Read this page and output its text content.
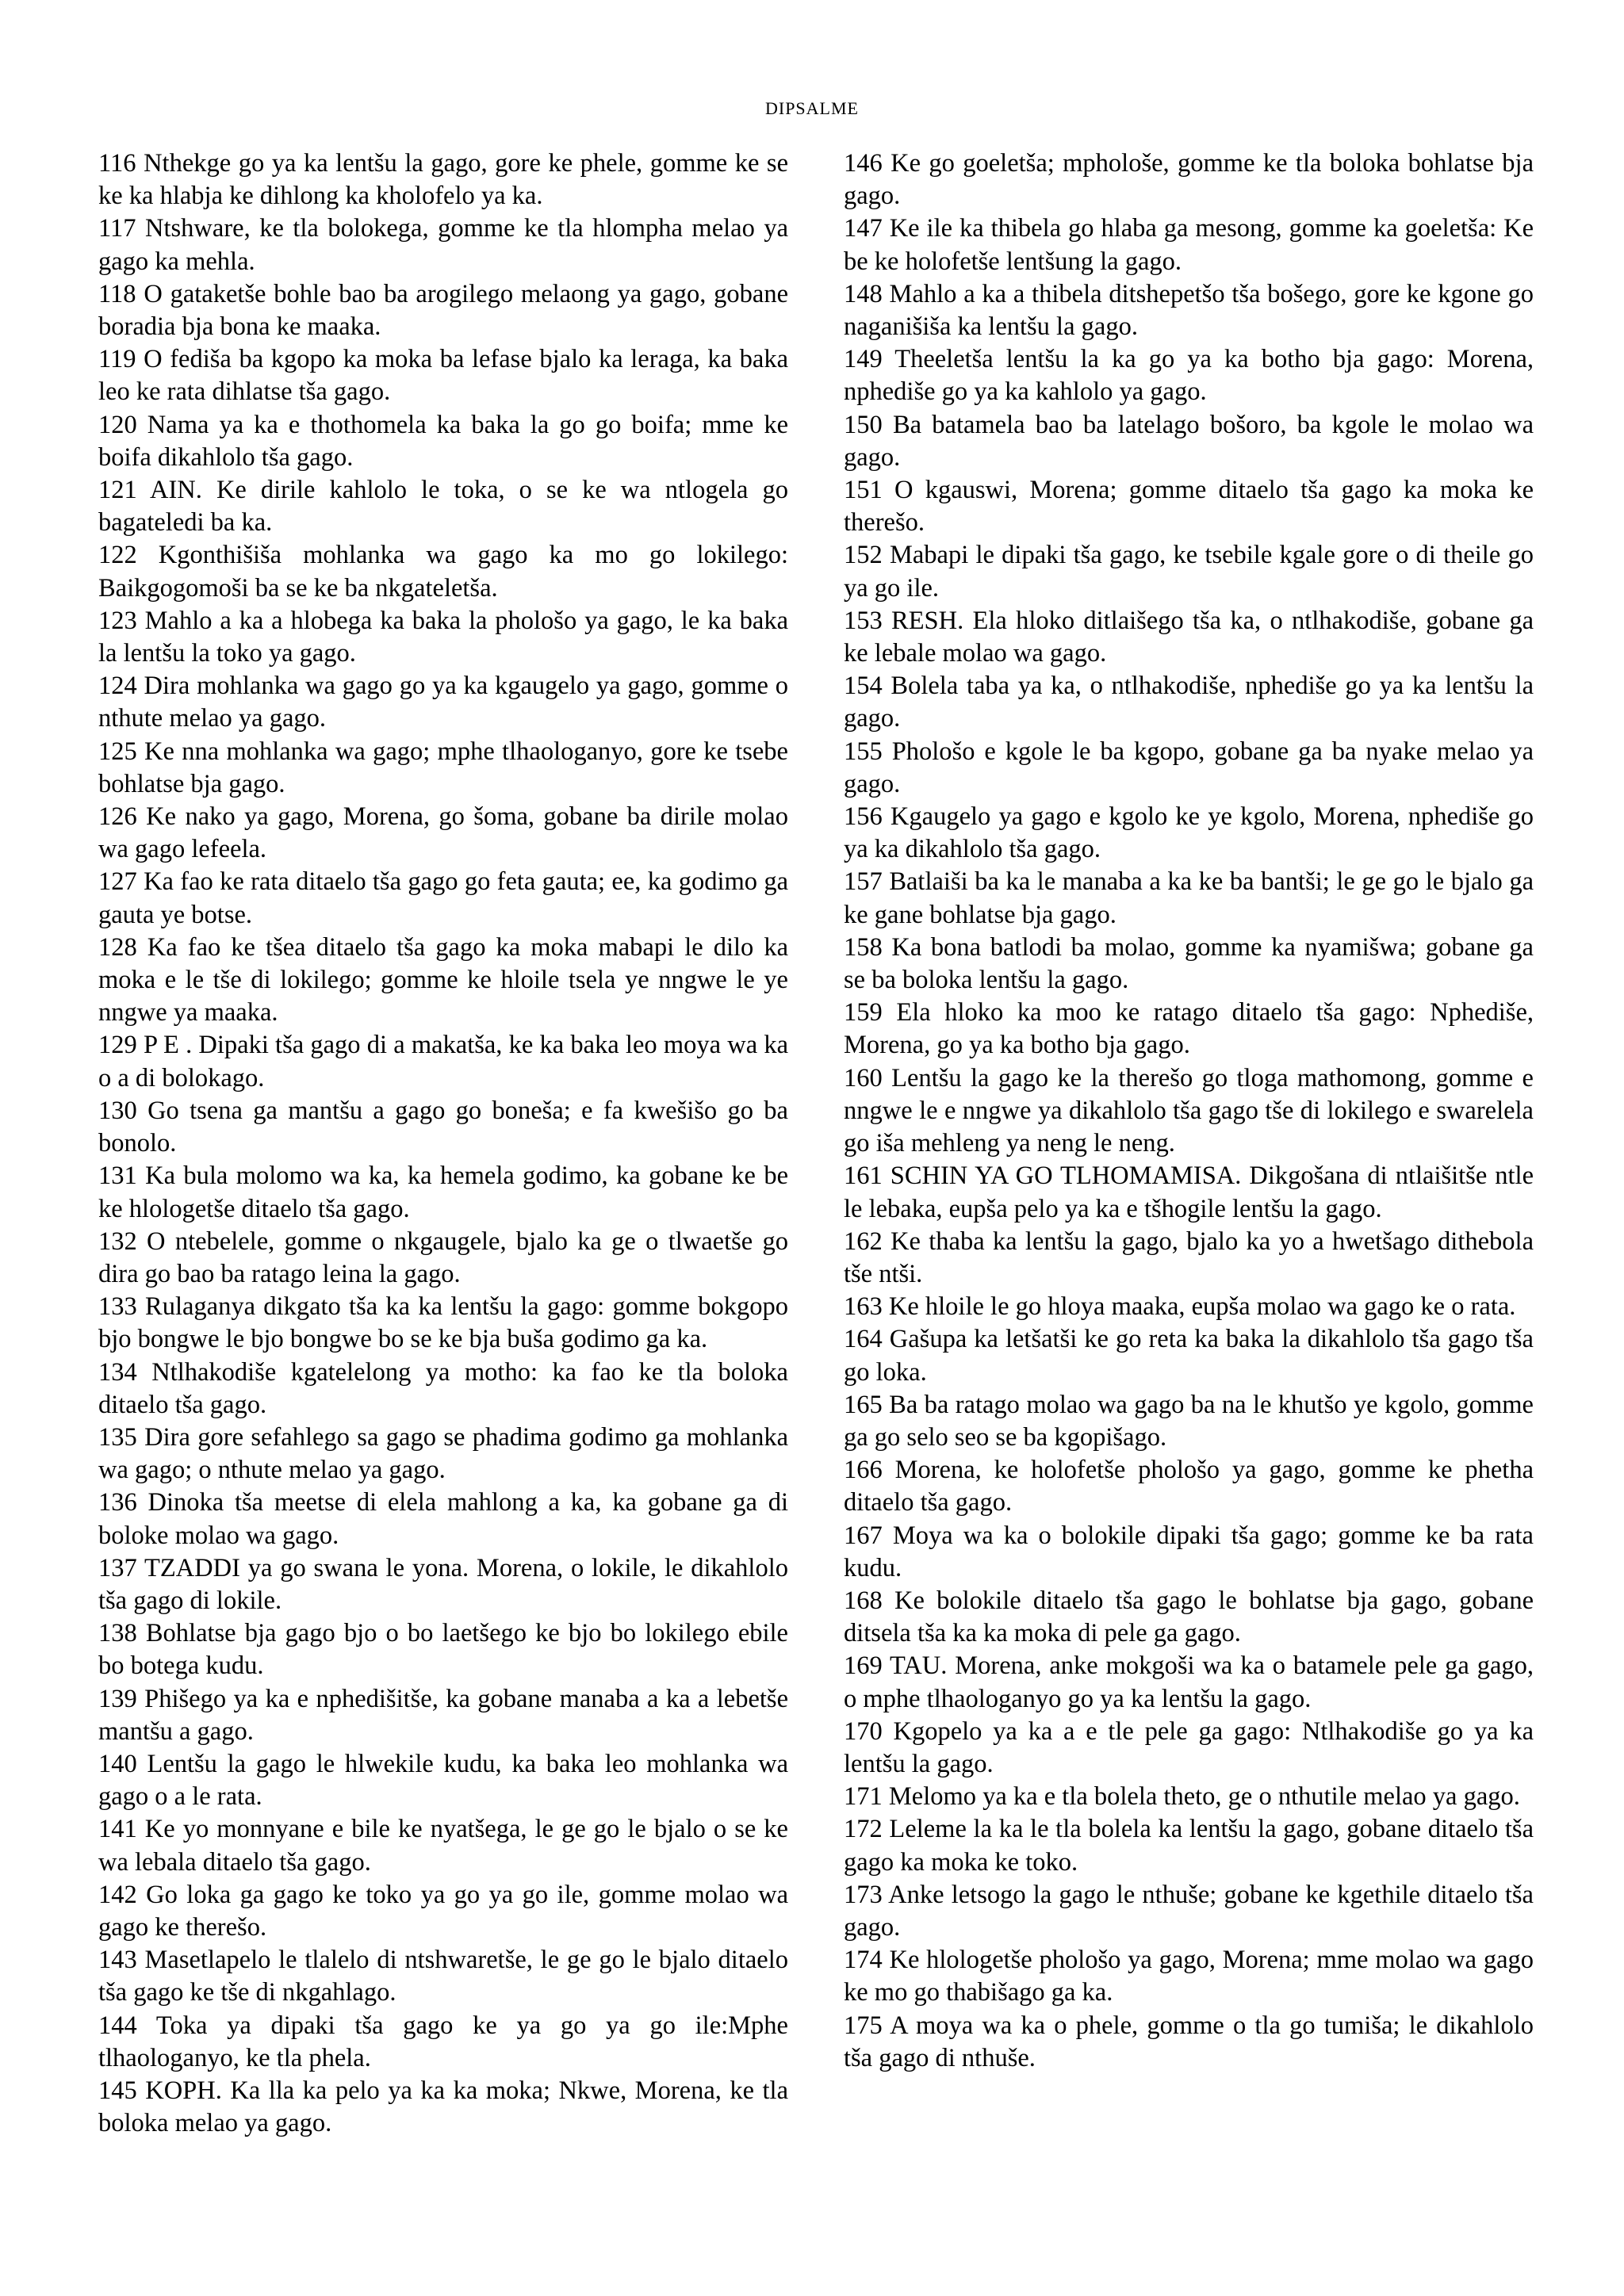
DIPSALME

116 Nthekge go ya ka lentšu la gago, gore ke phele, gomme ke se ke ka hlabja ke dihlong ka kholofelo ya ka.

117 Ntshware, ke tla bolokega, gomme ke tla hlompha melao ya gago ka mehla.

118 O gataketše bohle bao ba arogilego melaong ya gago, gobane boradia bja bona ke maaka.

119 O fediša ba kgopo ka moka ba lefase bjalo ka leraga, ka baka leo ke rata dihlatse tša gago.

120 Nama ya ka e thothomela ka baka la go go boifa; mme ke boifa dikahlolo tša gago.

121 AIN. Ke dirile kahlolo le toka, o se ke wa ntlogela go bagateledi ba ka.

122 Kgonthišiša mohlanka wa gago ka mo go lokilego: Baikgogomoši ba se ke ba nkgateletša.

123 Mahlo a ka a hlobega ka baka la phološo ya gago, le ka baka la lentšu la toko ya gago.

124 Dira mohlanka wa gago go ya ka kgaugelo ya gago, gomme o nthute melao ya gago.

125 Ke nna mohlanka wa gago; mphe tlhaologanyo, gore ke tsebe bohlatse bja gago.

126 Ke nako ya gago, Morena, go šoma, gobane ba dirile molao wa gago lefeela.

127 Ka fao ke rata ditaelo tša gago go feta gauta; ee, ka godimo ga gauta ye botse.

128 Ka fao ke tšea ditaelo tša gago ka moka mabapi le dilo ka moka e le tše di lokilego; gomme ke hloile tsela ye nngwe le ye nngwe ya maaka.

129 P E . Dipaki tša gago di a makatša, ke ka baka leo moya wa ka o a di bolokago.

130 Go tsena ga mantšu a gago go boneša; e fa kwešišo go ba bonolo.

131 Ka bula molomo wa ka, ka hemela godimo, ka gobane ke be ke hlologetše ditaelo tša gago.

132 O ntebelele, gomme o nkgaugele, bjalo ka ge o tlwaetše go dira go bao ba ratago leina la gago.

133 Rulaganya dikgato tša ka ka lentšu la gago: gomme bokgopo bjo bongwe le bjo bongwe bo se ke bja buša godimo ga ka.

134 Ntlhakodiše kgatelelong ya motho: ka fao ke tla boloka ditaelo tša gago.

135 Dira gore sefahlego sa gago se phadima godimo ga mohlanka wa gago; o nthute melao ya gago.

136 Dinoka tša meetse di elela mahlong a ka, ka gobane ga di boloke molao wa gago.

137 TZADDI ya go swana le yona. Morena, o lokile, le dikahlolo tša gago di lokile.

138 Bohlatse bja gago bjo o bo laetšego ke bjo bo lokilego ebile bo botega kudu.

139 Phišego ya ka e nphedišitše, ka gobane manaba a ka a lebetše mantšu a gago.

140 Lentšu la gago le hlwekile kudu, ka baka leo mohlanka wa gago o a le rata.

141 Ke yo monnyane e bile ke nyatšega, le ge go le bjalo o se ke wa lebala ditaelo tša gago.

142 Go loka ga gago ke toko ya go ya go ile, gomme molao wa gago ke therešo.

143 Masetlapelo le tlalelo di ntshwaretše, le ge go le bjalo ditaelo tša gago ke tše di nkgahlago.

144 Toka ya dipaki tša gago ke ya go ya go ile:Mphe tlhaologanyo, ke tla phela.

145 KOPH. Ka lla ka pelo ya ka ka moka; Nkwe, Morena, ke tla boloka melao ya gago.

146 Ke go goeletša; mphološe, gomme ke tla boloka bohlatse bja gago.

147 Ke ile ka thibela go hlaba ga mesong, gomme ka goeletša: Ke be ke holofetše lentšung la gago.

148 Mahlo a ka a thibela ditshepetšo tša bošego, gore ke kgone go naganišiša ka lentšu la gago.

149 Theeletša lentšu la ka go ya ka botho bja gago: Morena, nphediše go ya ka kahlolo ya gago.

150 Ba batamela bao ba latelago bošoro, ba kgole le molao wa gago.

151 O kgauswi, Morena; gomme ditaelo tša gago ka moka ke therešo.

152 Mabapi le dipaki tša gago, ke tsebile kgale gore o di theile go ya go ile.

153 RESH. Ela hloko ditlaišego tša ka, o ntlhakodiše, gobane ga ke lebale molao wa gago.

154 Bolela taba ya ka, o ntlhakodiše, nphediše go ya ka lentšu la gago.

155 Phološo e kgole le ba kgopo, gobane ga ba nyake melao ya gago.

156 Kgaugelo ya gago e kgolo ke ye kgolo, Morena, nphediše go ya ka dikahlolo tša gago.

157 Batlaiši ba ka le manaba a ka ke ba bantši; le ge go le bjalo ga ke gane bohlatse bja gago.

158 Ka bona batlodi ba molao, gomme ka nyamišwa; gobane ga se ba boloka lentšu la gago.

159 Ela hloko ka moo ke ratago ditaelo tša gago: Nphediše, Morena, go ya ka botho bja gago.

160 Lentšu la gago ke la therešo go tloga mathomong, gomme e nngwe le e nngwe ya dikahlolo tša gago tše di lokilego e swarelela go iša mehleng ya neng le neng.

161 SCHIN YA GO TLHOMAMISA. Dikgošana di ntlaišitše ntle le lebaka, eupša pelo ya ka e tšhogile lentšu la gago.

162 Ke thaba ka lentšu la gago, bjalo ka yo a hwetšago dithebola tše ntši.

163 Ke hloile le go hloya maaka, eupša molao wa gago ke o rata.

164 Gašupa ka letšatši ke go reta ka baka la dikahlolo tša gago tša go loka.

165 Ba ba ratago molao wa gago ba na le khutšo ye kgolo, gomme ga go selo seo se ba kgopišago.

166 Morena, ke holofetše phološo ya gago, gomme ke phetha ditaelo tša gago.

167 Moya wa ka o bolokile dipaki tša gago; gomme ke ba rata kudu.

168 Ke bolokile ditaelo tša gago le bohlatse bja gago, gobane ditsela tša ka ka moka di pele ga gago.

169 TAU. Morena, anke mokgoši wa ka o batamele pele ga gago, o mphe tlhaologanyo go ya ka lentšu la gago.

170 Kgopelo ya ka a e tle pele ga gago: Ntlhakodiše go ya ka lentšu la gago.

171 Melomo ya ka e tla bolela theto, ge o nthutile melao ya gago.

172 Leleme la ka le tla bolela ka lentšu la gago, gobane ditaelo tša gago ka moka ke toko.

173 Anke letsogo la gago le nthuše; gobane ke kgethile ditaelo tša gago.

174 Ke hlologetše phološo ya gago, Morena; mme molao wa gago ke mo go thabišago ga ka.

175 A moya wa ka o phele, gomme o tla go tumiša; le dikahlolo tša gago di nthuše.
